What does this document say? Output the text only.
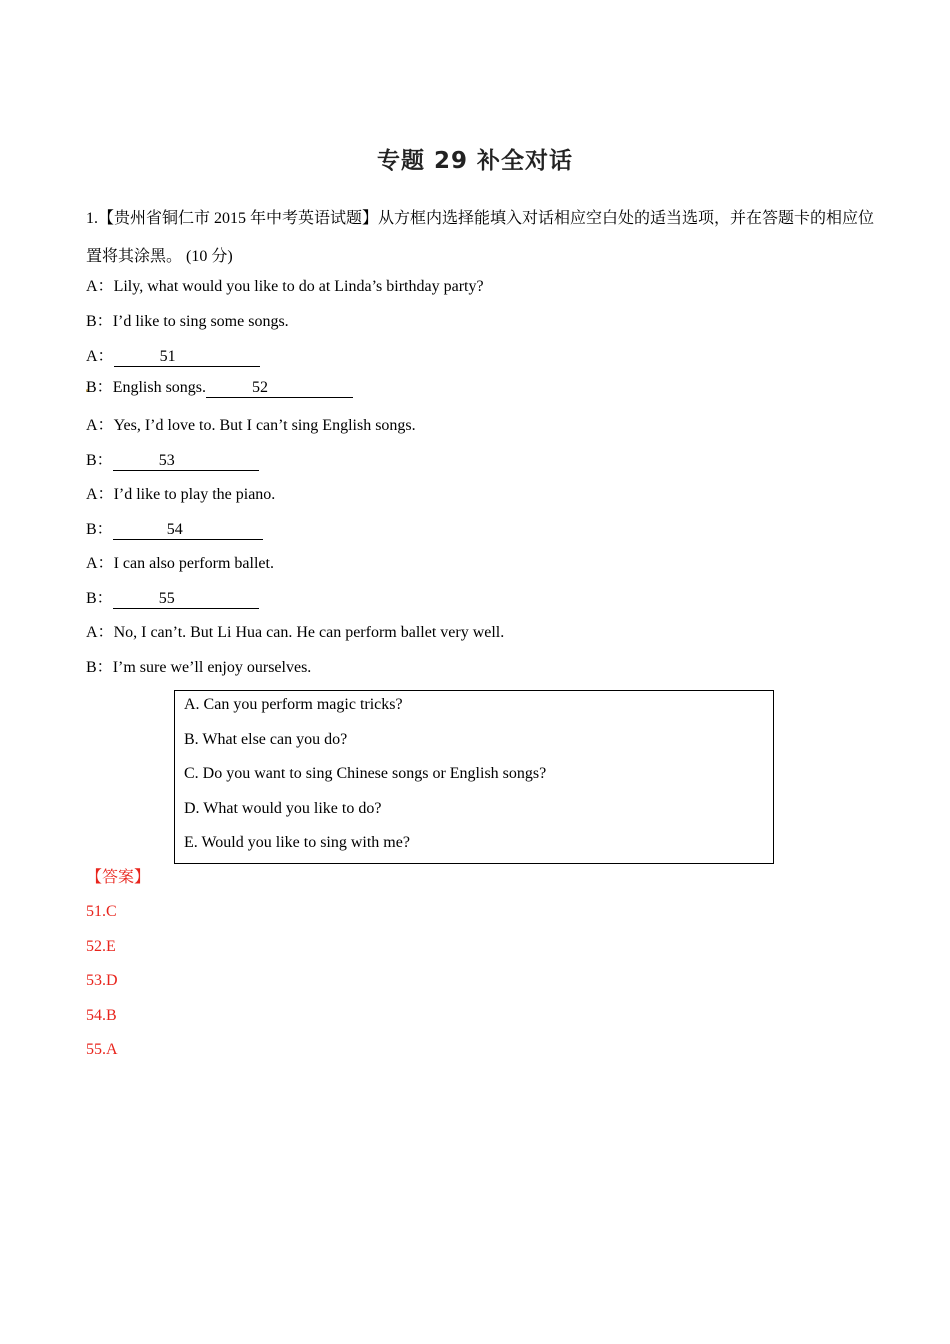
专题 29 补全对话
1.【贵州省铜仁市 2015 年中考英语试题】从方框内选择能填入对话相应空白处的适当选项，并在答题卡的相应位置将其涂黑。 (10 分)
A：Lily, what would you like to do at Linda’s birthday party?
B：I’d like to sing some songs.
A：	51
B：English songs.	52
A：Yes, I’d love to. But I can’t sing English songs.
B：	53
A：I’d like to play the piano.
B：	54
A：I can also perform ballet.
B：	55
A：No, I can’t. But Li Hua can. He can perform ballet very well.
B：I’m sure we’ll enjoy ourselves.
A. Can you perform magic tricks?
B. What else can you do?
C. Do you want to sing Chinese songs or English songs?
D. What would you like to do?
E. Would you like to sing with me?
【答案】
51.C
52.E
53.D
54.B
55.A
